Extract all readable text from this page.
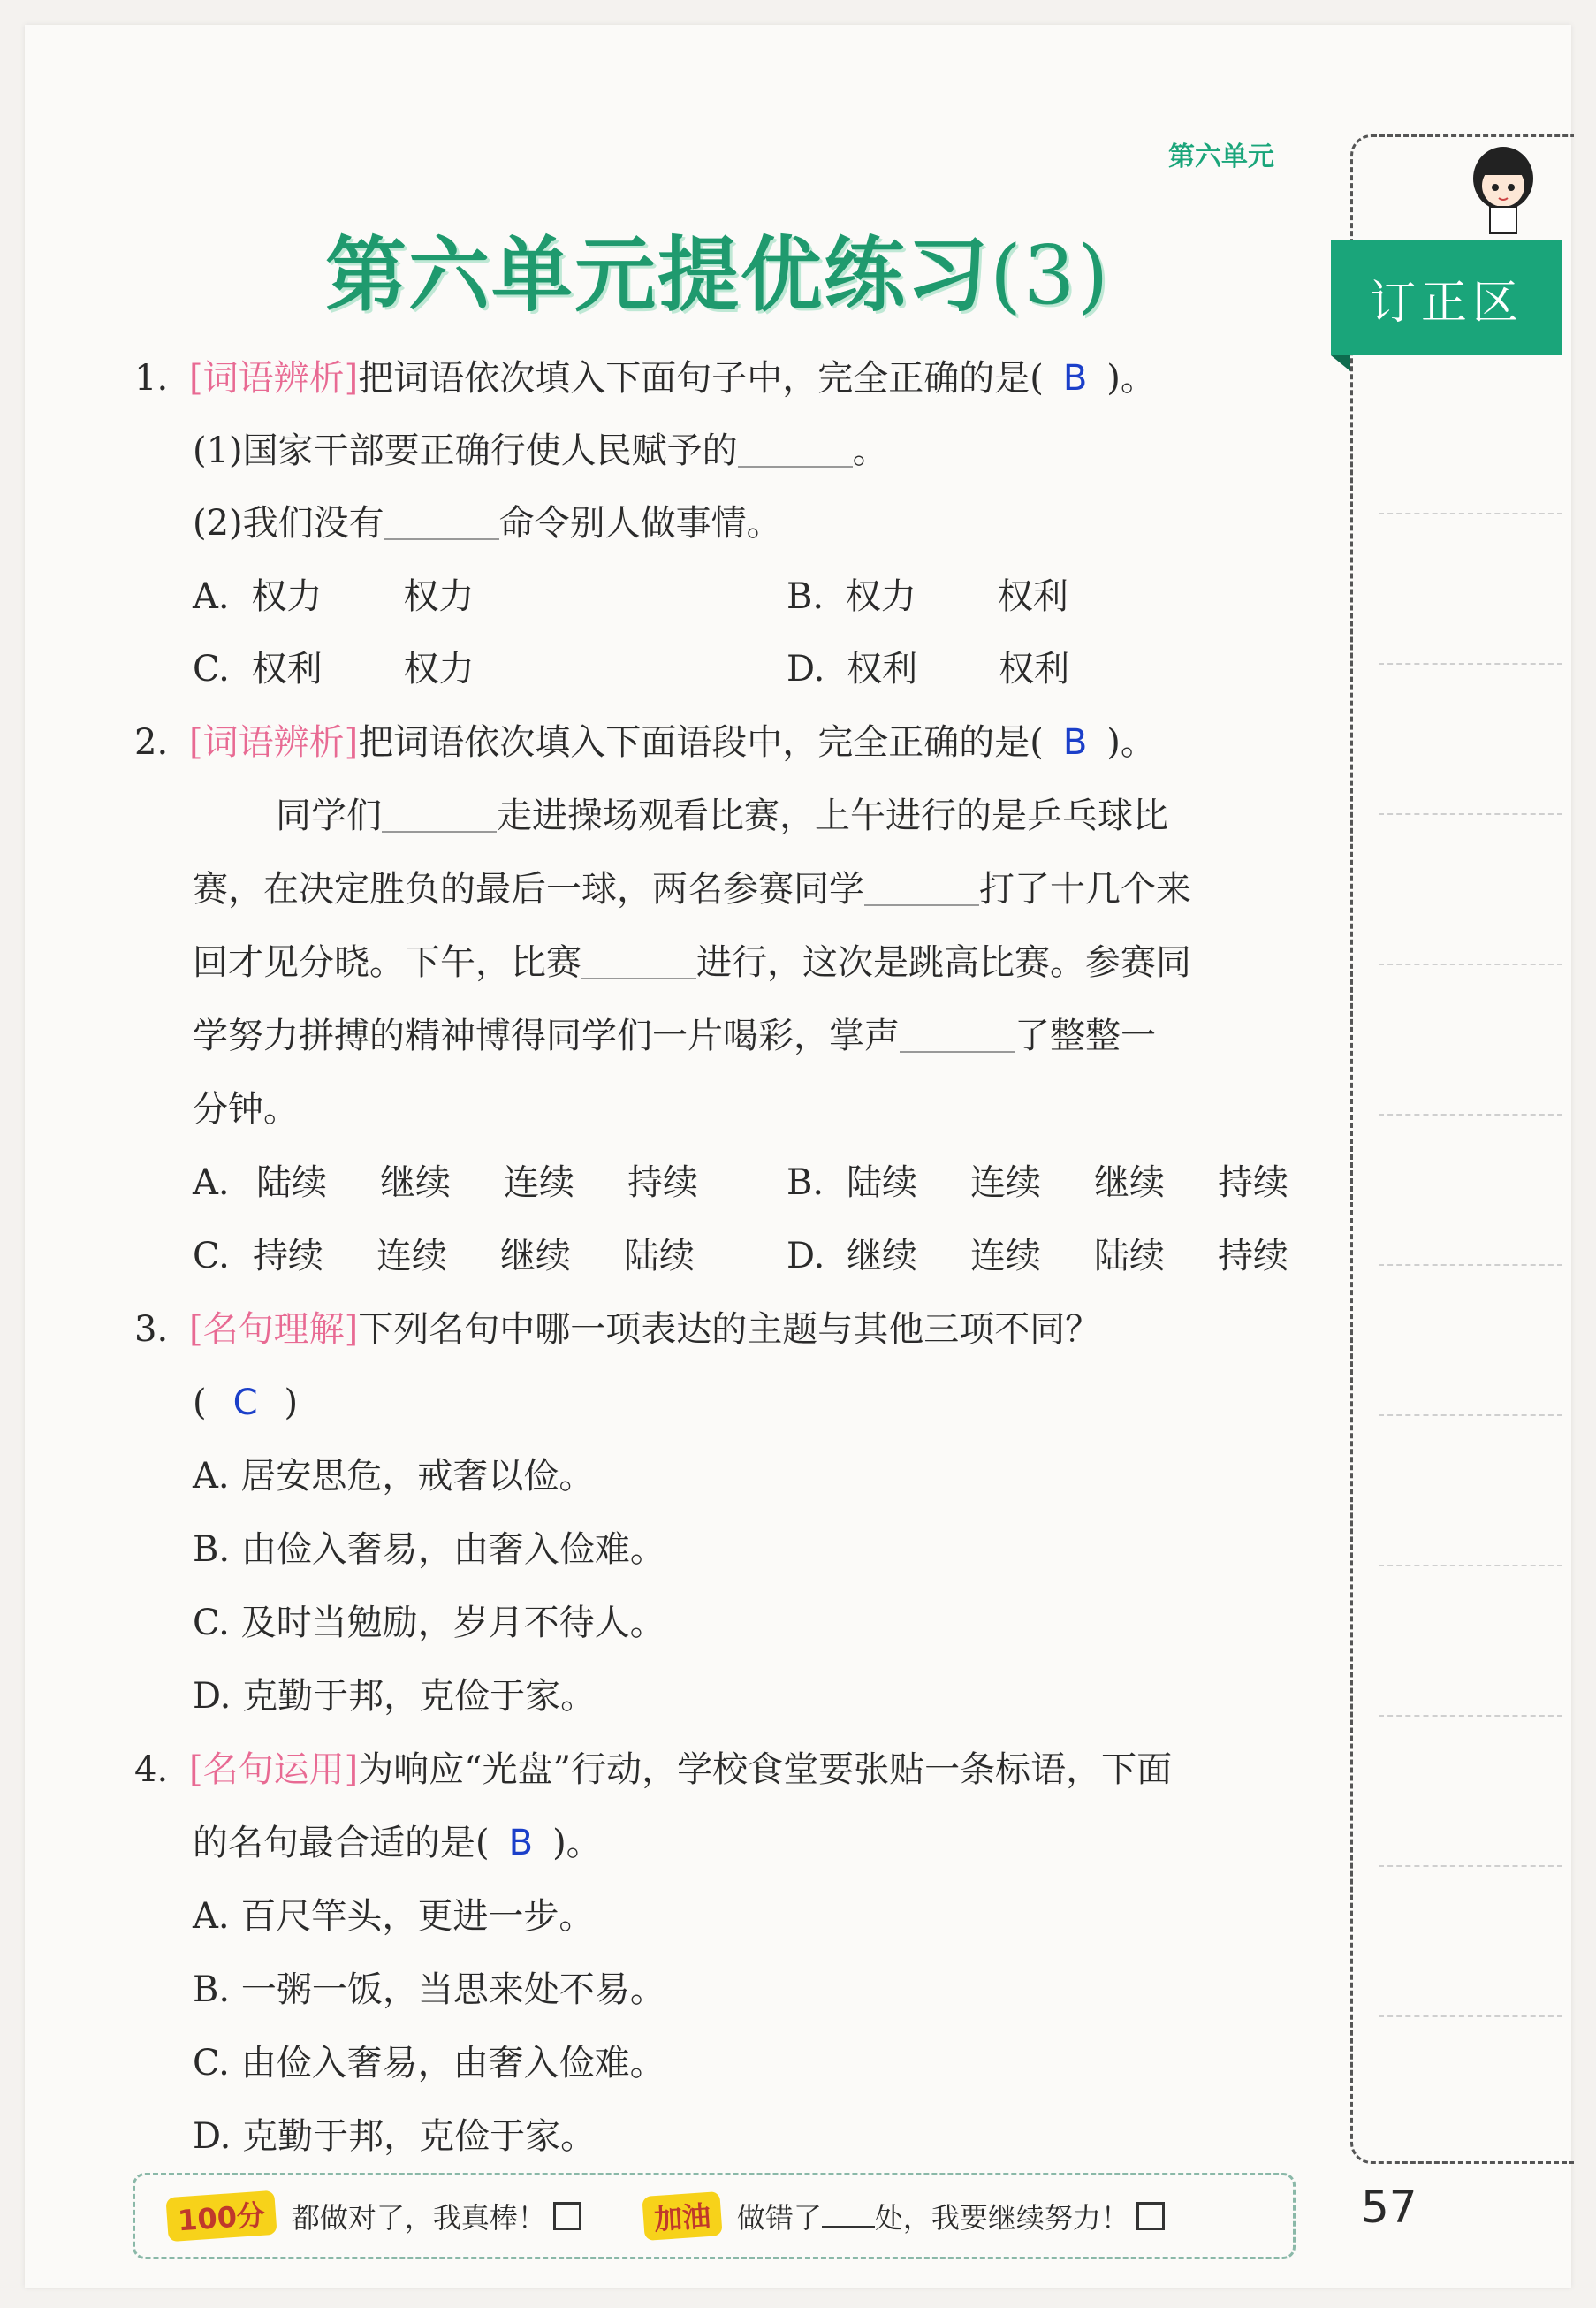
订正区
第六单元
第六单元提优练习(3)
1. [词语辨析]把词语依次填入下面句子中，完全正确的是( B )。
(1)国家干部要正确行使人民赋予的	。
(2)我们没有	命令别人做事情。
A. 权力 权力	B. 权力 权利
C. 权利 权力	D. 权利 权利
2. [词语辨析]把词语依次填入下面语段中，完全正确的是( B )。
同学们	走进操场观看比赛，上午进行的是乒乓球比
赛，在决定胜负的最后一球，两名参赛同学	打了十几个来
回才见分晓。下午，比赛	进行，这次是跳高比赛。参赛同
学努力拼搏的精神博得同学们一片喝彩，掌声	了整整一
分钟。
A. 陆续 继续 连续 持续	B. 陆续 连续 继续 持续
C. 持续 连续 继续 陆续	D. 继续 连续 陆续 持续
3. [名句理解]下列名句中哪一项表达的主题与其他三项不同？
( C )
A. 居安思危，戒奢以俭。
B. 由俭入奢易，由奢入俭难。
C. 及时当勉励，岁月不待人。
D. 克勤于邦，克俭于家。
4. [名句运用]为响应“光盘”行动，学校食堂要张贴一条标语，下面
的名句最合适的是( B )。
A. 百尺竿头，更进一步。
B. 一粥一饭，当思来处不易。
C. 由俭入奢易，由奢入俭难。
D. 克勤于邦，克俭于家。
100分 都做对了，我真棒！	加油 做错了 处，我要继续努力！	57
